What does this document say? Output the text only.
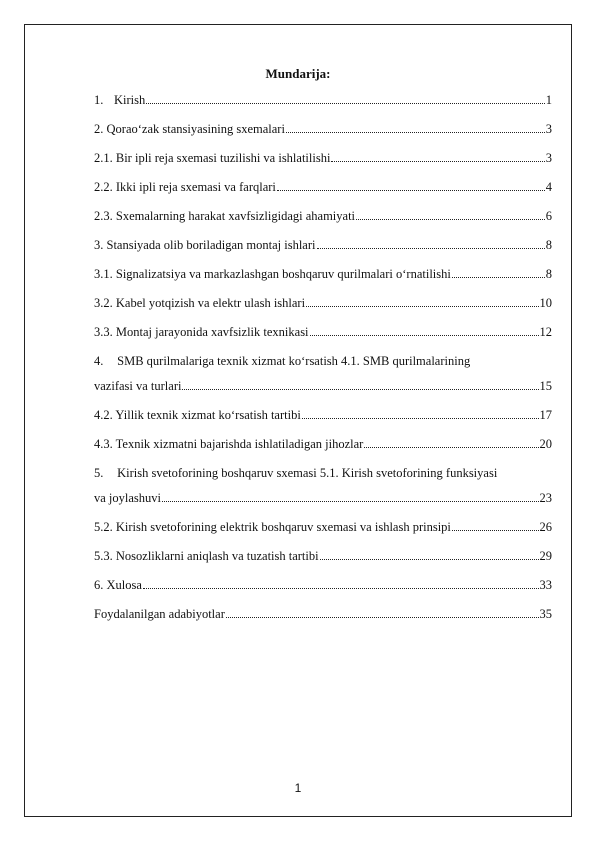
Mundarija:
1. Kirish	1
2. Qorao‘zak stansiyasining sxemalari	3
2.1. Bir ipli reja sxemasi tuzilishi va ishlatilishi	3
2.2. Ikki ipli reja sxemasi va farqlari	4
2.3. Sxemalarning harakat xavfsizligidagi ahamiyati	6
3. Stansiyada olib boriladigan montaj ishlari	8
3.1. Signalizatsiya va markazlashgan boshqaruv qurilmalari o‘rnatilishi	8
3.2. Kabel yotqizish va elektr ulash ishlari	10
3.3. Montaj jarayonida xavfsizlik texnikasi	12
4. SMB qurilmalariga texnik xizmat ko‘rsatish 4.1. SMB qurilmalarining
vazifasi va turlari	15
4.2. Yillik texnik xizmat ko‘rsatish tartibi	17
4.3. Texnik xizmatni bajarishda ishlatiladigan jihozlar	20
5. Kirish svetoforining boshqaruv sxemasi 5.1. Kirish svetoforining funksiyasi
va joylashuvi	23
5.2. Kirish svetoforining elektrik boshqaruv sxemasi va ishlash prinsipi	26
5.3. Nosozliklarni aniqlash va tuzatish tartibi	29
6. Xulosa	33
Foydalanilgan adabiyotlar	35
1
